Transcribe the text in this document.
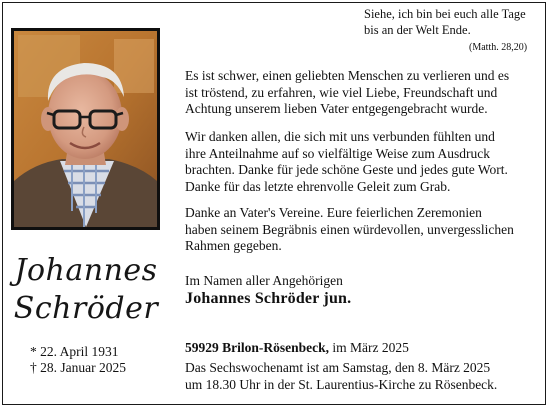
Siehe, ich bin bei euch alle Tage
bis an der Welt Ende.
(Matth. 28,20)
Johannes
Schröder
* 22. April 1931
† 28. Januar 2025
Es ist schwer, einen geliebten Menschen zu verlieren und es
ist tröstend, zu erfahren, wie viel Liebe, Freundschaft und
Achtung unserem lieben Vater entgegengebracht wurde.
Wir danken allen, die sich mit uns verbunden fühlten und
ihre Anteilnahme auf so vielfältige Weise zum Ausdruck
brachten. Danke für jede schöne Geste und jedes gute Wort.
Danke für das letzte ehrenvolle Geleit zum Grab.
Danke an Vater's Vereine. Eure feierlichen Zeremonien
haben seinem Begräbnis einen würdevollen, unvergesslichen
Rahmen gegeben.
Im Namen aller Angehörigen
Johannes Schröder jun.
59929 Brilon-Rösenbeck, im März 2025
Das Sechswochenamt ist am Samstag, den 8. März 2025
um 18.30 Uhr in der St. Laurentius-Kirche zu Rösenbeck.
